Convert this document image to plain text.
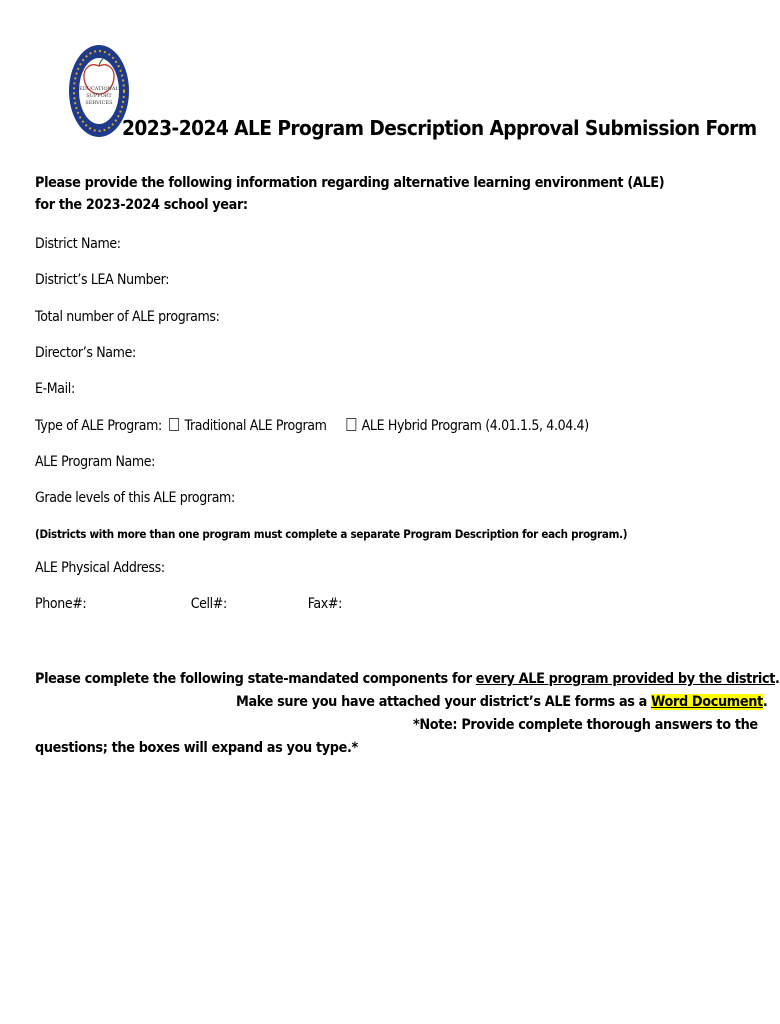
EDUCATIONAL
SUPPORT
SERVICES
2023-2024 ALE Program Description Approval Submission Form
Please provide the following information regarding alternative learning environment (ALE) for the 2023-2024 school year:
District Name:
District’s LEA Number:
Total number of ALE programs:
Director’s Name:
E-Mail:
Type of ALE Program: Traditional ALE Program	ALE Hybrid Program (4.01.1.5, 4.04.4)
ALE Program Name:
Grade levels of this ALE program:
(Districts with more than one program must complete a separate Program Description for each program.)
ALE Physical Address:
Phone#:	Cell#:	Fax#:
Please complete the following state-mandated components for every ALE program provided by the district.
Make sure you have attached your district’s ALE forms as a Word Document.
*Note: Provide complete thorough answers to the
questions; the boxes will expand as you type.*
